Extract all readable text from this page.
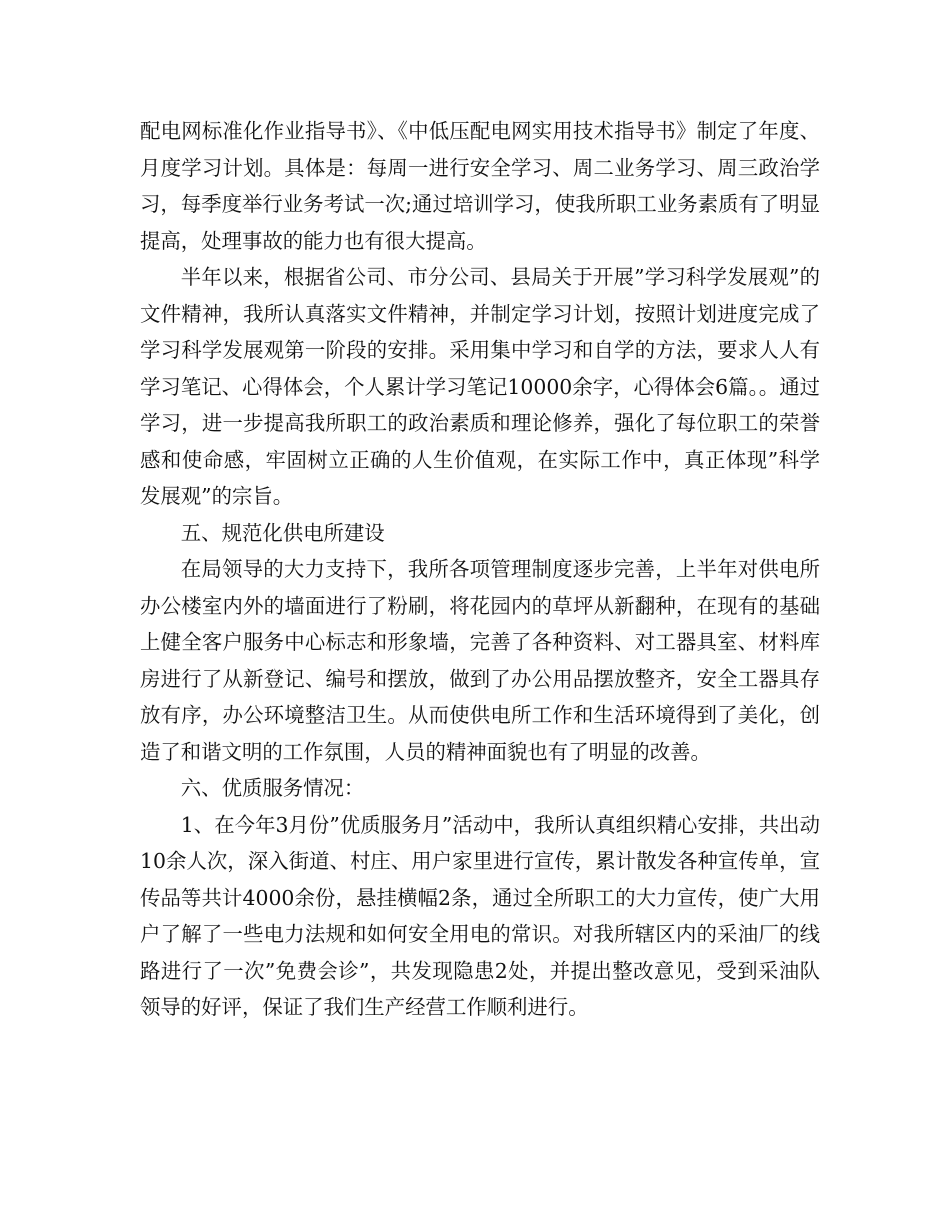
配电网标准化作业指导书》、《中低压配电网实用技术指导书》制定了年度、月度学习计划。具体是：每周一进行安全学习、周二业务学习、周三政治学习，每季度举行业务考试一次;通过培训学习，使我所职工业务素质有了明显提高，处理事故的能力也有很大提高。

半年以来，根据省公司、市分公司、县局关于开展”学习科学发展观”的文件精神，我所认真落实文件精神，并制定学习计划，按照计划进度完成了学习科学发展观第一阶段的安排。采用集中学习和自学的方法，要求人人有学习笔记、心得体会，个人累计学习笔记10000余字，心得体会6篇。。通过学习，进一步提高我所职工的政治素质和理论修养，强化了每位职工的荣誉感和使命感，牢固树立正确的人生价值观，在实际工作中，真正体现”科学发展观”的宗旨。

五、规范化供电所建设

在局领导的大力支持下，我所各项管理制度逐步完善，上半年对供电所办公楼室内外的墙面进行了粉刷，将花园内的草坪从新翻种，在现有的基础上健全客户服务中心标志和形象墙，完善了各种资料、对工器具室、材料库房进行了从新登记、编号和摆放，做到了办公用品摆放整齐，安全工器具存放有序，办公环境整洁卫生。从而使供电所工作和生活环境得到了美化，创造了和谐文明的工作氛围，人员的精神面貌也有了明显的改善。

六、优质服务情况：

1、在今年3月份”优质服务月”活动中，我所认真组织精心安排，共出动10余人次，深入街道、村庄、用户家里进行宣传，累计散发各种宣传单，宣传品等共计4000余份，悬挂横幅2条，通过全所职工的大力宣传，使广大用户了解了一些电力法规和如何安全用电的常识。对我所辖区内的采油厂的线路进行了一次”免费会诊”，共发现隐患2处，并提出整改意见，受到采油队领导的好评，保证了我们生产经营工作顺利进行。
